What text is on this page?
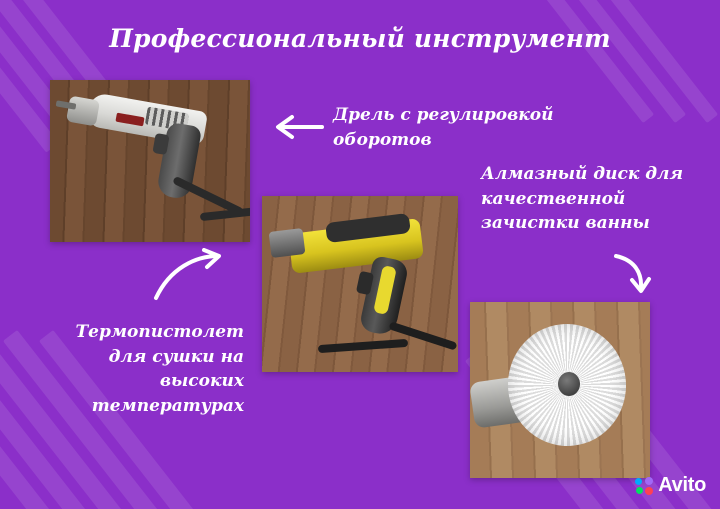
Профессиональный инструмент
Дрель с регулировкой оборотов
Алмазный диск для качественной зачистки ванны
Термопистолет для сушки на высоких температурах
Avito
